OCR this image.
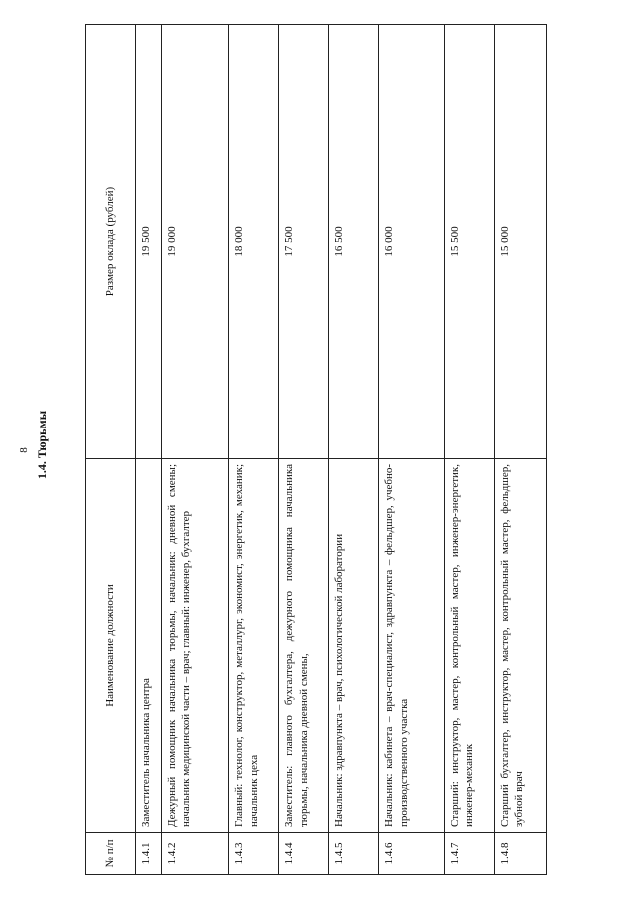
8 1.4. Тюрьмы
№ п/п	Наименование должности	Размер оклада (рублей)
1.4.1	Заместитель начальника центра	19 500
1.4.2	Дежурный помощник начальника тюрьмы, начальник: дневной смены; начальник медицинской части – врач; главный: инженер, бухгалтер	19 000
1.4.3	Главный: технолог, конструктор, металлург, экономист, энергетик, механик; начальник цеха	18 000
1.4.4	Заместитель: главного бухгалтера, дежурного помощника начальника тюрьмы, начальника дневной смены,	17 500
1.4.5	Начальник: здравпункта – врач, психологической лаборатории	16 500
1.4.6	Начальник: кабинета – врач-специалист, здравпункта – фельдшер, учебно-производственного участка	16 000
1.4.7	Старший: инструктор, мастер, контрольный мастер, инженер-энергетик, инженер-механик	15 500
1.4.8	Старший бухгалтер, инструктор, мастер, контрольный мастер, фельдшер, зубной врач	15 000
